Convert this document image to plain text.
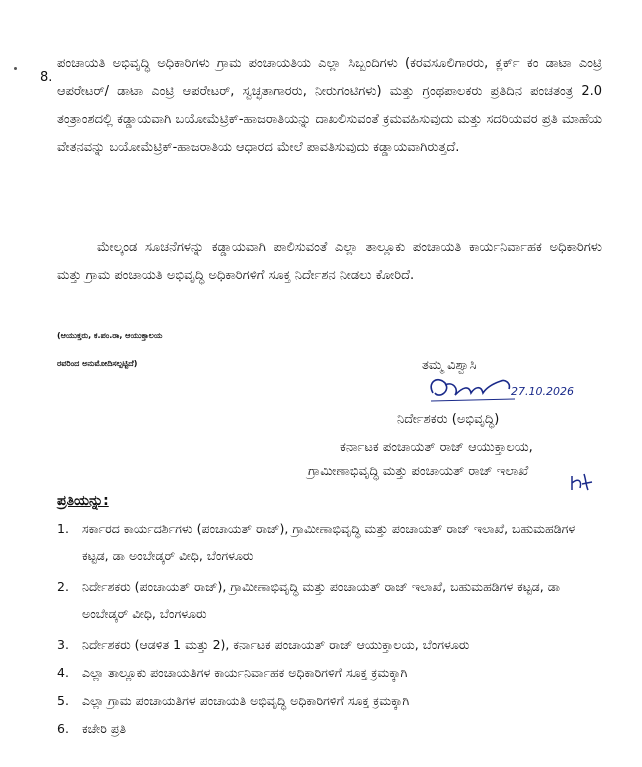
8.

ಪಂಚಾಯತಿ ಅಭಿವೃದ್ಧಿ ಅಧಿಕಾರಿಗಳು ಗ್ರಾಮ ಪಂಚಾಯತಿಯ ಎಲ್ಲಾ ಸಿಬ್ಬಂದಿಗಳು (ಕರವಸೂಲಿಗಾರರು, ಕ್ಲರ್ಕ್ ಕಂ ಡಾಟಾ ಎಂಟ್ರಿ ಆಪರೇಟರ್/ ಡಾಟಾ ಎಂಟ್ರಿ ಆಪರೇಟರ್, ಸ್ವಚ್ಛತಾಗಾರರು, ನೀರುಗಂಟಿಗಳು) ಮತ್ತು ಗ್ರಂಥಪಾಲಕರು ಪ್ರತಿದಿನ ಪಂಚತಂತ್ರ 2.0 ತಂತ್ರಾಂಶದಲ್ಲಿ ಕಡ್ಡಾಯವಾಗಿ ಬಯೋಮೆಟ್ರಿಕ್-ಹಾಜರಾತಿಯನ್ನು ದಾಖಲಿಸುವಂತೆ ಕ್ರಮವಹಿಸುವುದು ಮತ್ತು ಸದರಿಯವರ ಪ್ರತಿ ಮಾಹೆಯ ವೇತನವನ್ನು ಬಯೋಮೆಟ್ರಿಕ್-ಹಾಜರಾತಿಯ ಆಧಾರದ ಮೇಲೆ ಪಾವತಿಸುವುದು ಕಡ್ಡಾಯವಾಗಿರುತ್ತದೆ.

ಮೇಲ್ಕಂಡ ಸೂಚನೆಗಳನ್ನು ಕಡ್ಡಾಯವಾಗಿ ಪಾಲಿಸುವಂತೆ ಎಲ್ಲಾ ತಾಲ್ಲೂಕು ಪಂಚಾಯತಿ ಕಾರ್ಯನಿರ್ವಾಹಕ ಅಧಿಕಾರಿಗಳು ಮತ್ತು ಗ್ರಾಮ ಪಂಚಾಯತಿ ಅಭಿವೃದ್ಧಿ ಅಧಿಕಾರಿಗಳಿಗೆ ಸೂಕ್ತ ನಿರ್ದೇಶನ ನೀಡಲು ಕೋರಿದೆ.

(ಆಯುಕ್ತರು, ಕ.ಪಂ.ರಾ, ಆಯುಕ್ತಾಲಯ
ರವರಿಂದ ಅನುಮೋದಿಸಲ್ಪಟ್ಟಿದೆ)	ತಮ್ಮ ವಿಶ್ವಾಸಿ
27.10.2026
ನಿರ್ದೇಶಕರು (ಅಭಿವೃದ್ಧಿ)
ಕರ್ನಾಟಕ ಪಂಚಾಯತ್ ರಾಜ್ ಆಯುಕ್ತಾಲಯ,
ಗ್ರಾಮೀಣಾಭಿವೃದ್ಧಿ ಮತ್ತು ಪಂಚಾಯತ್ ರಾಜ್ ಇಲಾಖೆ
ಪ್ರತಿಯನ್ನು:
1. ಸರ್ಕಾರದ ಕಾರ್ಯದರ್ಶಿಗಳು (ಪಂಚಾಯತ್ ರಾಜ್), ಗ್ರಾಮೀಣಾಭಿವೃದ್ಧಿ ಮತ್ತು ಪಂಚಾಯತ್ ರಾಜ್ ಇಲಾಖೆ, ಬಹುಮಹಡಿಗಳ ಕಟ್ಟಡ, ಡಾ ಅಂಬೇಡ್ಕರ್ ವೀಧಿ, ಬೆಂಗಳೂರು
2. ನಿರ್ದೇಶಕರು (ಪಂಚಾಯತ್ ರಾಜ್), ಗ್ರಾಮೀಣಾಭಿವೃದ್ಧಿ ಮತ್ತು ಪಂಚಾಯತ್ ರಾಜ್ ಇಲಾಖೆ, ಬಹುಮಹಡಿಗಳ ಕಟ್ಟಡ, ಡಾ ಅಂಬೇಡ್ಕರ್ ವೀಧಿ, ಬೆಂಗಳೂರು
3. ನಿರ್ದೇಶಕರು (ಆಡಳಿತ 1 ಮತ್ತು 2), ಕರ್ನಾಟಕ ಪಂಚಾಯತ್ ರಾಜ್ ಆಯುಕ್ತಾಲಯ, ಬೆಂಗಳೂರು
4. ಎಲ್ಲಾ ತಾಲ್ಲೂಕು ಪಂಚಾಯತಿಗಳ ಕಾರ್ಯನಿರ್ವಾಹಕ ಅಧಿಕಾರಿಗಳಿಗೆ ಸೂಕ್ತ ಕ್ರಮಕ್ಕಾಗಿ
5. ಎಲ್ಲಾ ಗ್ರಾಮ ಪಂಚಾಯತಿಗಳ ಪಂಚಾಯತಿ ಅಭಿವೃದ್ಧಿ ಅಧಿಕಾರಿಗಳಿಗೆ ಸೂಕ್ತ ಕ್ರಮಕ್ಕಾಗಿ
6. ಕಚೇರಿ ಪ್ರತಿ
